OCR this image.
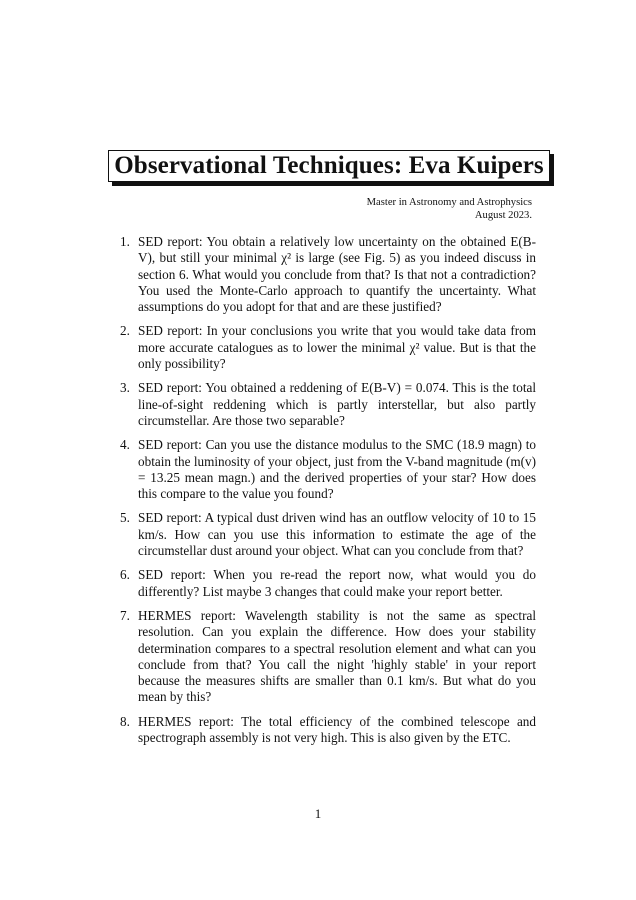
Observational Techniques: Eva Kuipers
Master in Astronomy and Astrophysics
August 2023.
1. SED report: You obtain a relatively low uncertainty on the obtained E(B-V), but still your minimal χ² is large (see Fig. 5) as you indeed discuss in section 6. What would you conclude from that? Is that not a contradiction? You used the Monte-Carlo approach to quantify the uncertainty. What assumptions do you adopt for that and are these justified?
2. SED report: In your conclusions you write that you would take data from more accurate catalogues as to lower the minimal χ² value. But is that the only possibility?
3. SED report: You obtained a reddening of E(B-V) = 0.074. This is the total line-of-sight reddening which is partly interstellar, but also partly circumstellar. Are those two separable?
4. SED report: Can you use the distance modulus to the SMC (18.9 magn) to obtain the luminosity of your object, just from the V-band magnitude (m(v) = 13.25 mean magn.) and the derived properties of your star? How does this compare to the value you found?
5. SED report: A typical dust driven wind has an outflow velocity of 10 to 15 km/s. How can you use this information to estimate the age of the circumstellar dust around your object. What can you conclude from that?
6. SED report: When you re-read the report now, what would you do differently? List maybe 3 changes that could make your report better.
7. HERMES report: Wavelength stability is not the same as spectral resolution. Can you explain the difference. How does your stability determination compares to a spectral resolution element and what can you conclude from that? You call the night 'highly stable' in your report because the measures shifts are smaller than 0.1 km/s. But what do you mean by this?
8. HERMES report: The total efficiency of the combined telescope and spectrograph assembly is not very high. This is also given by the ETC.
1
